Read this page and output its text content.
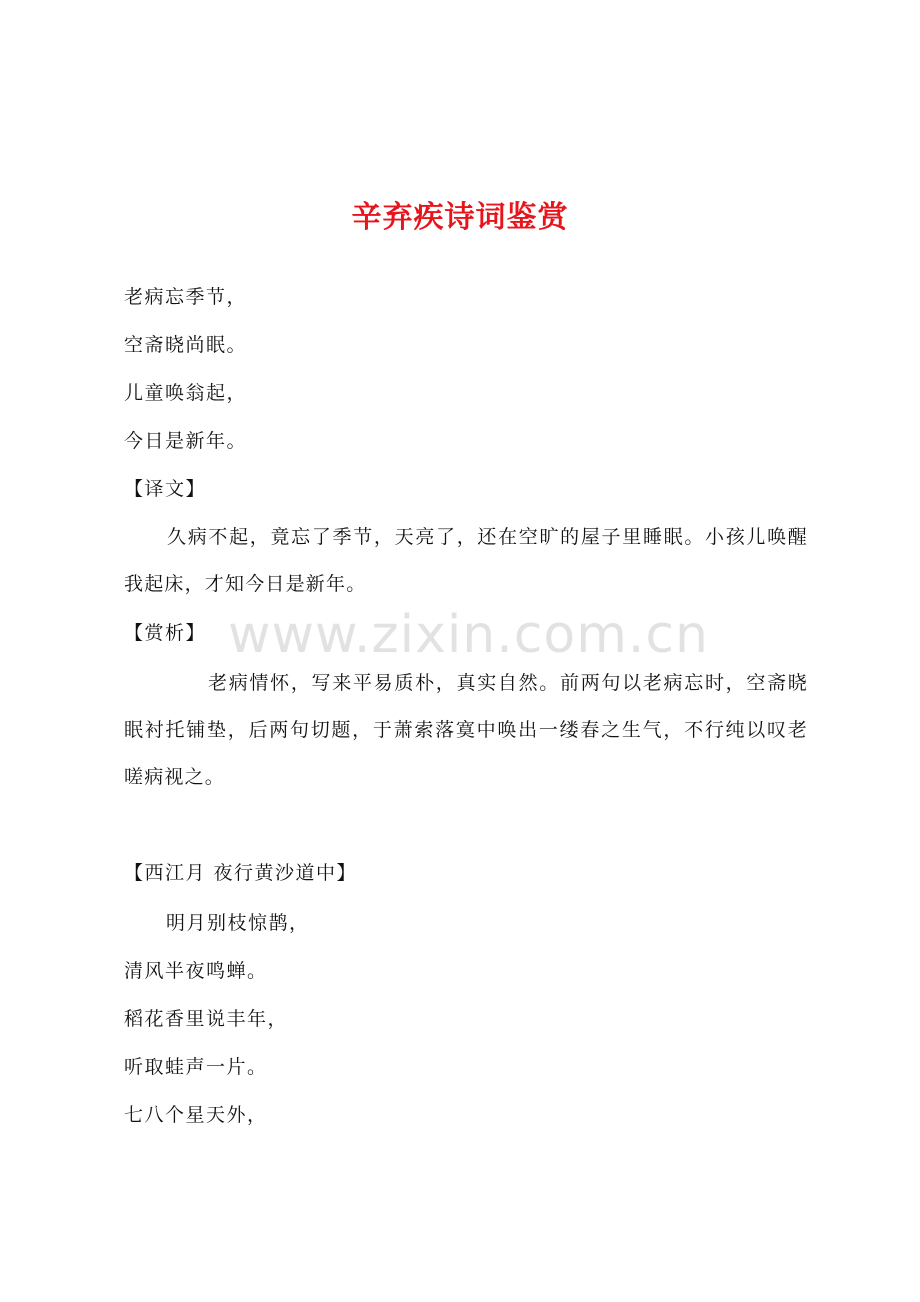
辛弃疾诗词鉴赏
老病忘季节，
空斋晓尚眠。
儿童唤翁起，
今日是新年。
【译文】
久病不起，竟忘了季节，天亮了，还在空旷的屋子里睡眠。小孩儿唤醒我起床，才知今日是新年。
【赏析】
老病情怀，写来平易质朴，真实自然。前两句以老病忘时，空斋晓眠衬托铺垫，后两句切题，于萧索落寞中唤出一缕春之生气，不行纯以叹老嗟病视之。
【西江月 夜行黄沙道中】
明月别枝惊鹊，
清风半夜鸣蝉。
稻花香里说丰年，
听取蛙声一片。
七八个星天外，
www.zixin.com.cn
